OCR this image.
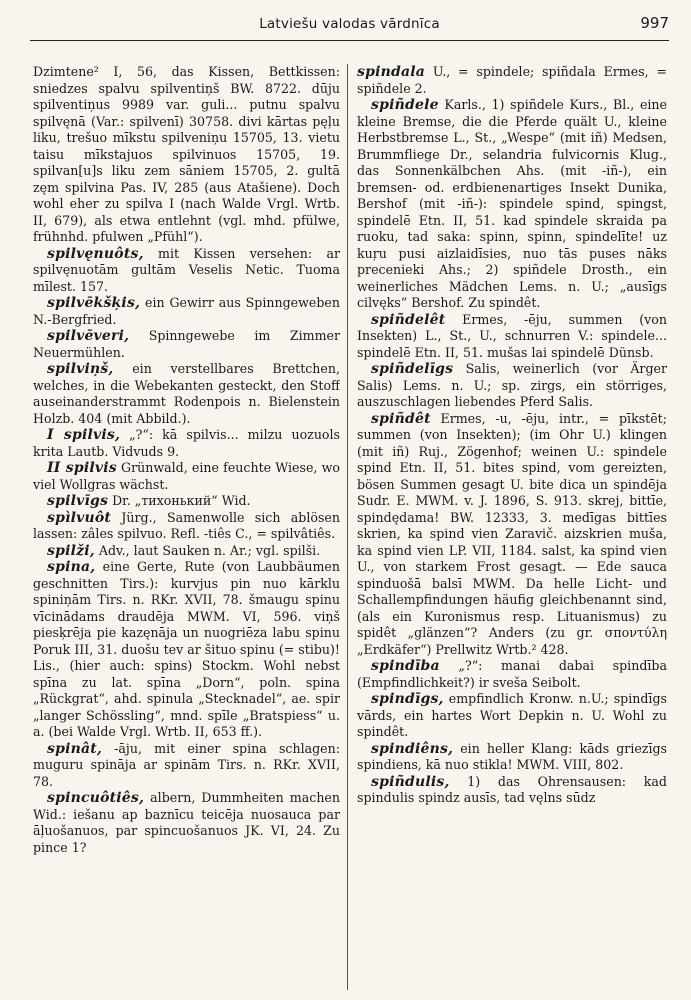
Latviešu valodas vārdnīca	997

Dzimtene² I, 56, das Kissen, Bettkissen: sniedzes spalvu spilventiņš BW. 8722. dūju spilventiņus 9989 var. guli... putnu spalvu spilvęnā (Var.: spilvenī) 30758. divi kārtas pęļu liku, trešuo mīkstu spilveniņu 15705, 13. vietu taisu mīkstajuos spilvinuos 15705, 19. spilvan[u]s liku zem sāniem 15705, 2. gultā zęm spilvina Pas. IV, 285 (aus Atašiene). Doch wohl eher zu spilva I (nach Walde Vrgl. Wrtb. II, 679), als etwa entlehnt (vgl. mhd. pfülwe, frühnhd. pfulwen „Pfühl“).

spilvęnuôts, mit Kissen versehen: ar spilvęnuotām gultām Veselis Netic. Tuoma mīlest. 157.

spilvēkšķis, ein Gewirr aus Spinngeweben N.-Bergfried.

spilvēveri, Spinngewebe im Zimmer Neuermühlen.

spilviņš, ein verstellbares Brettchen, welches, in die Webekanten gesteckt, den Stoff auseinanderstrammt Rodenpois n. Bielenstein Holzb. 404 (mit Abbild.).

I spilvis, „?“: kā spilvis... milzu uozuols krita Lautb. Vidvuds 9.

II spilvis Grünwald, eine feuchte Wiese, wo viel Wollgras wächst.

spilvīgs Dr. „тихонький“ Wid.

spìlvuôt Jürg., Samenwolle sich ablösen lassen: zâles spilvuo. Refl. -tiês C., = spilvâtiês.

spilži, Adv., laut Sauken n. Ar.; vgl. spilši.

spina, eine Gerte, Rute (von Laubbäumen geschnitten Tirs.): kurvjus pin nuo kārklu spiniņām Tirs. n. RKr. XVII, 78. šmaugu spinu vīcinādams draudēja MWM. VI, 596. viņš piesķrēja pie kazęnāja un nuogriēza labu spinu Poruk III, 31. duošu tev ar šituo spinu (= stibu)! Lis., (hier auch: spins) Stockm. Wohl nebst spīna zu lat. spīna „Dorn“, poln. spina „Rückgrat“, ahd. spinula „Stecknadel“, ae. spir „langer Schössling“, mnd. spīle „Bratspiess“ u. a. (bei Walde Vrgl. Wrtb. II, 653 ff.).

spinât, -āju, mit einer spina schlagen: muguru spināja ar spinām Tirs. n. RKr. XVII, 78.

spincuôtiês, albern, Dummheiten machen Wid.: iešanu ap baznīcu teicēja nuosauca par āļuošanuos, par spincuošanuos JK. VI, 24. Zu pince 1?

spindala U., = spindele; spiñdala Ermes, = spiñdele 2.

spiñdele Karls., 1) spiñdele Kurs., Bl., eine kleine Bremse, die die Pferde quält U., kleine Herbstbremse L., St., „Wespe“ (mit iñ) Medsen, Brummfliege Dr., selandria fulvicornis Klug., das Sonnenkälbchen Ahs. (mit -iñ-), ein bremsen- od. erdbienenartiges Insekt Dunika, Bershof (mit -iñ-): spindele spind, spingst, spindelē Etn. II, 51. kad spindele skraida pa ruoku, tad saka: spinn, spinn, spindelīte! uz kuŗu pusi aizlaidīsies, nuo tās puses nāks precenieki Ahs.; 2) spiñdele Drosth., ein weinerliches Mädchen Lems. n. U.; „ausīgs cilvęks“ Bershof. Zu spindêt.

spiñdelêt Ermes, -ēju, summen (von Insekten) L., St., U., schnurren V.: spindele... spindelē Etn. II, 51. mušas lai spindelē Dünsb.

spiñdelīgs Salis, weinerlich (vor Ärger Salis) Lems. n. U.; sp. zirgs, ein störriges, auszuschlagen liebendes Pferd Salis.

spiñdêt Ermes, -u, -ēju, intr., = pīkstēt; summen (von Insekten); (im Ohr U.) klingen (mit iñ) Ruj., Zögenhof; weinen U.: spindele spind Etn. II, 51. bites spind, vom gereizten, bösen Summen gesagt U. bite dica un spindēja Sudr. E. MWM. v. J. 1896, S. 913. skrej, bittīe, spindędama! BW. 12333, 3. medīgas bittīes skrien, ka spind vien Zaravič. aizskrien muša, ka spind vien LP. VII, 1184. salst, ka spind vien U., von starkem Frost gesagt. — Ede sauca spinduošā balsī MWM. Da helle Licht- und Schallempfindungen häufig gleichbenannt sind, (als ein Kuronismus resp. Lituanismus) zu spidêt „glänzen“? Anders (zu gr. σποντύλη „Erdkäfer“) Prellwitz Wrtb.² 428.

spindība „?“: manai dabai spindība (Empfindlichkeit?) ir sveša Seibolt.

spindīgs, empfindlich Kronw. n.U.; spindīgs vārds, ein hartes Wort Depkin n. U. Wohl zu spindêt.

spindiêns, ein heller Klang: kāds griezīgs spindiens, kā nuo stikla! MWM. VIII, 802.

spiñdulis, 1) das Ohrensausen: kad spindulis spindz ausīs, tad vęlns sūdz
